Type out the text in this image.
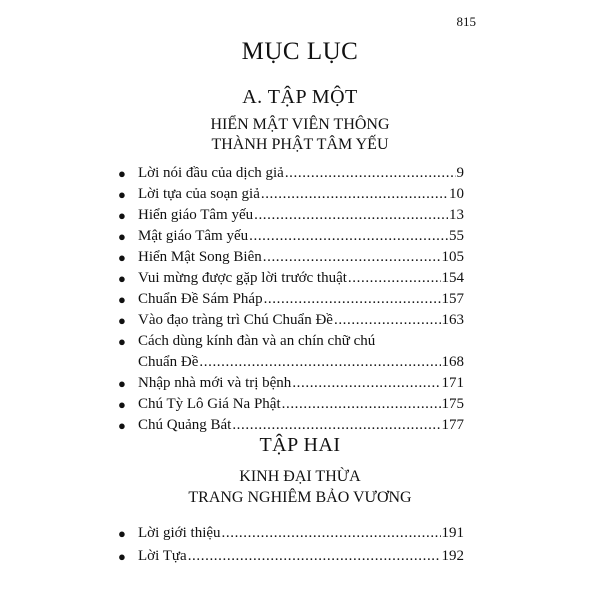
815
MỤC LỤC
A. TẬP MỘT
HIỂN MẬT VIÊN THÔNG
THÀNH PHẬT TÂM YẾU
● Lời nói đầu của dịch giả .....	9
● Lời tựa của soạn giả .....	10
● Hiển giáo Tâm yếu .....	13
● Mật giáo Tâm yếu .....	55
● Hiển Mật Song Biên .....	105
● Vui mừng được gặp lời trước thuật .....	154
● Chuẩn Đề Sám Pháp .....	157
● Vào đạo tràng trì Chú Chuẩn Đề .....	163
● Cách dùng kính đàn và an chín chữ chú
Chuẩn Đề .....	168
● Nhập nhà mới và trị bệnh .....	171
● Chú Tỳ Lô Giá Na Phật .....	175
● Chú Quảng Bát .....	177
TẬP HAI
KINH ĐẠI THỪA
TRANG NGHIÊM BẢO VƯƠNG
● Lời giới thiệu .....	191
● Lời Tựa .....	192
